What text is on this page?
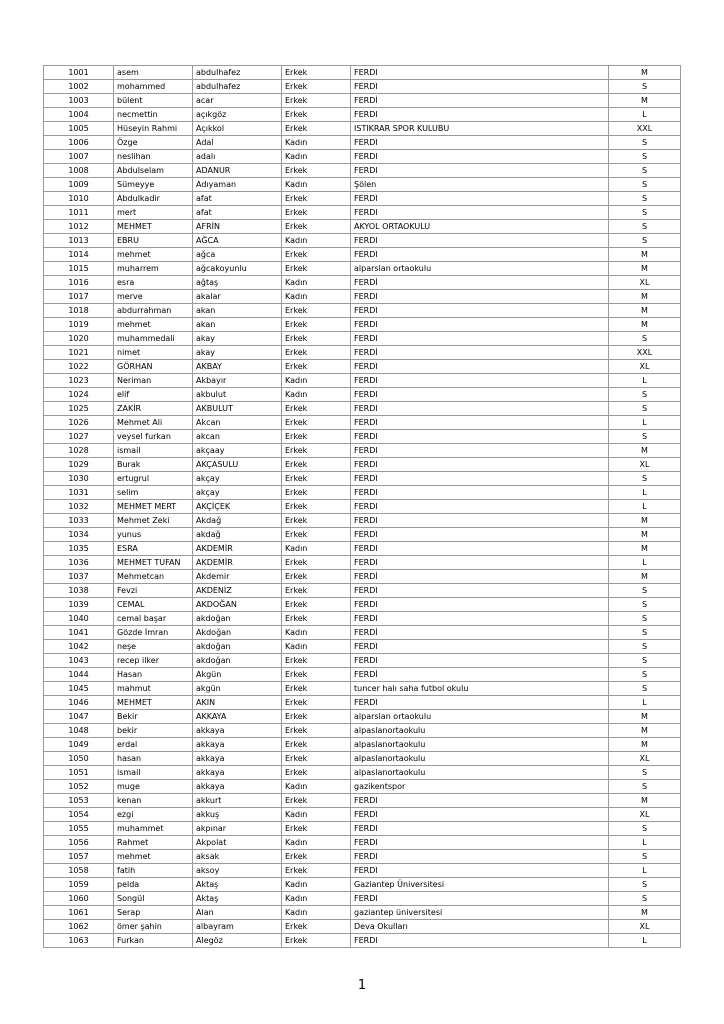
1001	asem	abdulhafez	Erkek	FERDI	M
1002	mohammed	abdulhafez	Erkek	FERDI	S
1003	bülent	acar	Erkek	FERDİ	M
1004	necmettin	açıkgöz	Erkek	FERDI	L
1005	Hüseyin Rahmi	Açıkkol	Erkek	ISTIKRAR SPOR KULUBU	XXL
1006	Özge	Adal	Kadın	FERDI	S
1007	neslihan	adalı	Kadın	FERDI	S
1008	Abdulselam	ADANUR	Erkek	FERDI	S
1009	Sümeyye	Adıyaman	Kadın	Şölen	S
1010	Abdulkadir	afat	Erkek	FERDI	S
1011	mert	afat	Erkek	FERDI	S
1012	MEHMET	AFRİN	Erkek	AKYOL ORTAOKULU	S
1013	EBRU	AĞCA	Kadın	FERDI	S
1014	mehmet	ağca	Erkek	FERDI	M
1015	muharrem	ağcakoyunlu	Erkek	alparslan ortaokulu	M
1016	esra	ağtaş	Kadın	FERDİ	XL
1017	merve	akalar	Kadın	FERDI	M
1018	abdurrahman	akan	Erkek	FERDI	M
1019	mehmet	akan	Erkek	FERDI	M
1020	muhammedali	akay	Erkek	FERDI	S
1021	nimet	akay	Erkek	FERDİ	XXL
1022	GÖRHAN	AKBAY	Erkek	FERDI	XL
1023	Neriman	Akbayır	Kadın	FERDI	L
1024	elif	akbulut	Kadın	FERDI	S
1025	ZAKİR	AKBULUT	Erkek	FERDI	S
1026	Mehmet Ali	Akcan	Erkek	FERDI	L
1027	veysel furkan	akcan	Erkek	FERDI	S
1028	ismail	akçaay	Erkek	FERDI	M
1029	Burak	AKÇASULU	Erkek	FERDI	XL
1030	ertugrul	akçay	Erkek	FERDI	S
1031	selim	akçay	Erkek	FERDI	L
1032	MEHMET MERT	AKÇİÇEK	Erkek	FERDI	L
1033	Mehmet Zeki	Akdağ	Erkek	FERDI	M
1034	yunus	akdağ	Erkek	FERDI	M
1035	ESRA	AKDEMİR	Kadın	FERDI	M
1036	MEHMET TUFAN	AKDEMİR	Erkek	FERDI	L
1037	Mehmetcan	Akdemir	Erkek	FERDİ	M
1038	Fevzi	AKDENİZ	Erkek	FERDI	S
1039	CEMAL	AKDOĞAN	Erkek	FERDI	S
1040	cemal başar	akdoğan	Erkek	FERDI	S
1041	Gözde İmran	Akdoğan	Kadın	FERDİ	S
1042	neşe	akdoğan	Kadın	FERDI	S
1043	recep ilker	akdoğan	Erkek	FERDI	S
1044	Hasan	Akgün	Erkek	FERDİ	S
1045	mahmut	akgün	Erkek	tuncer halı saha futbol okulu	S
1046	MEHMET	AKIN	Erkek	FERDI	L
1047	Bekir	AKKAYA	Erkek	alparslan ortaokulu	M
1048	bekir	akkaya	Erkek	alpaslanortaokulu	M
1049	erdal	akkaya	Erkek	alpaslanortaokulu	M
1050	hasan	akkaya	Erkek	alpaslanortaokulu	XL
1051	ismail	akkaya	Erkek	alpaslanortaokulu	S
1052	muge	akkaya	Kadın	gazikentspor	S
1053	kenan	akkurt	Erkek	FERDI	M
1054	ezgi	akkuş	Kadın	FERDI	XL
1055	muhammet	akpınar	Erkek	FERDI	S
1056	Rahmet	Akpolat	Kadın	FERDI	L
1057	mehmet	aksak	Erkek	FERDI	S
1058	fatih	aksoy	Erkek	FERDI	L
1059	pelda	Aktaş	Kadın	Gaziantep Üniversitesi	S
1060	Songül	Aktaş	Kadın	FERDI	S
1061	Serap	Alan	Kadın	gaziantep üniversitesi	M
1062	ömer şahin	albayram	Erkek	Deva Okulları	XL
1063	Furkan	Alegöz	Erkek	FERDI	L
1
